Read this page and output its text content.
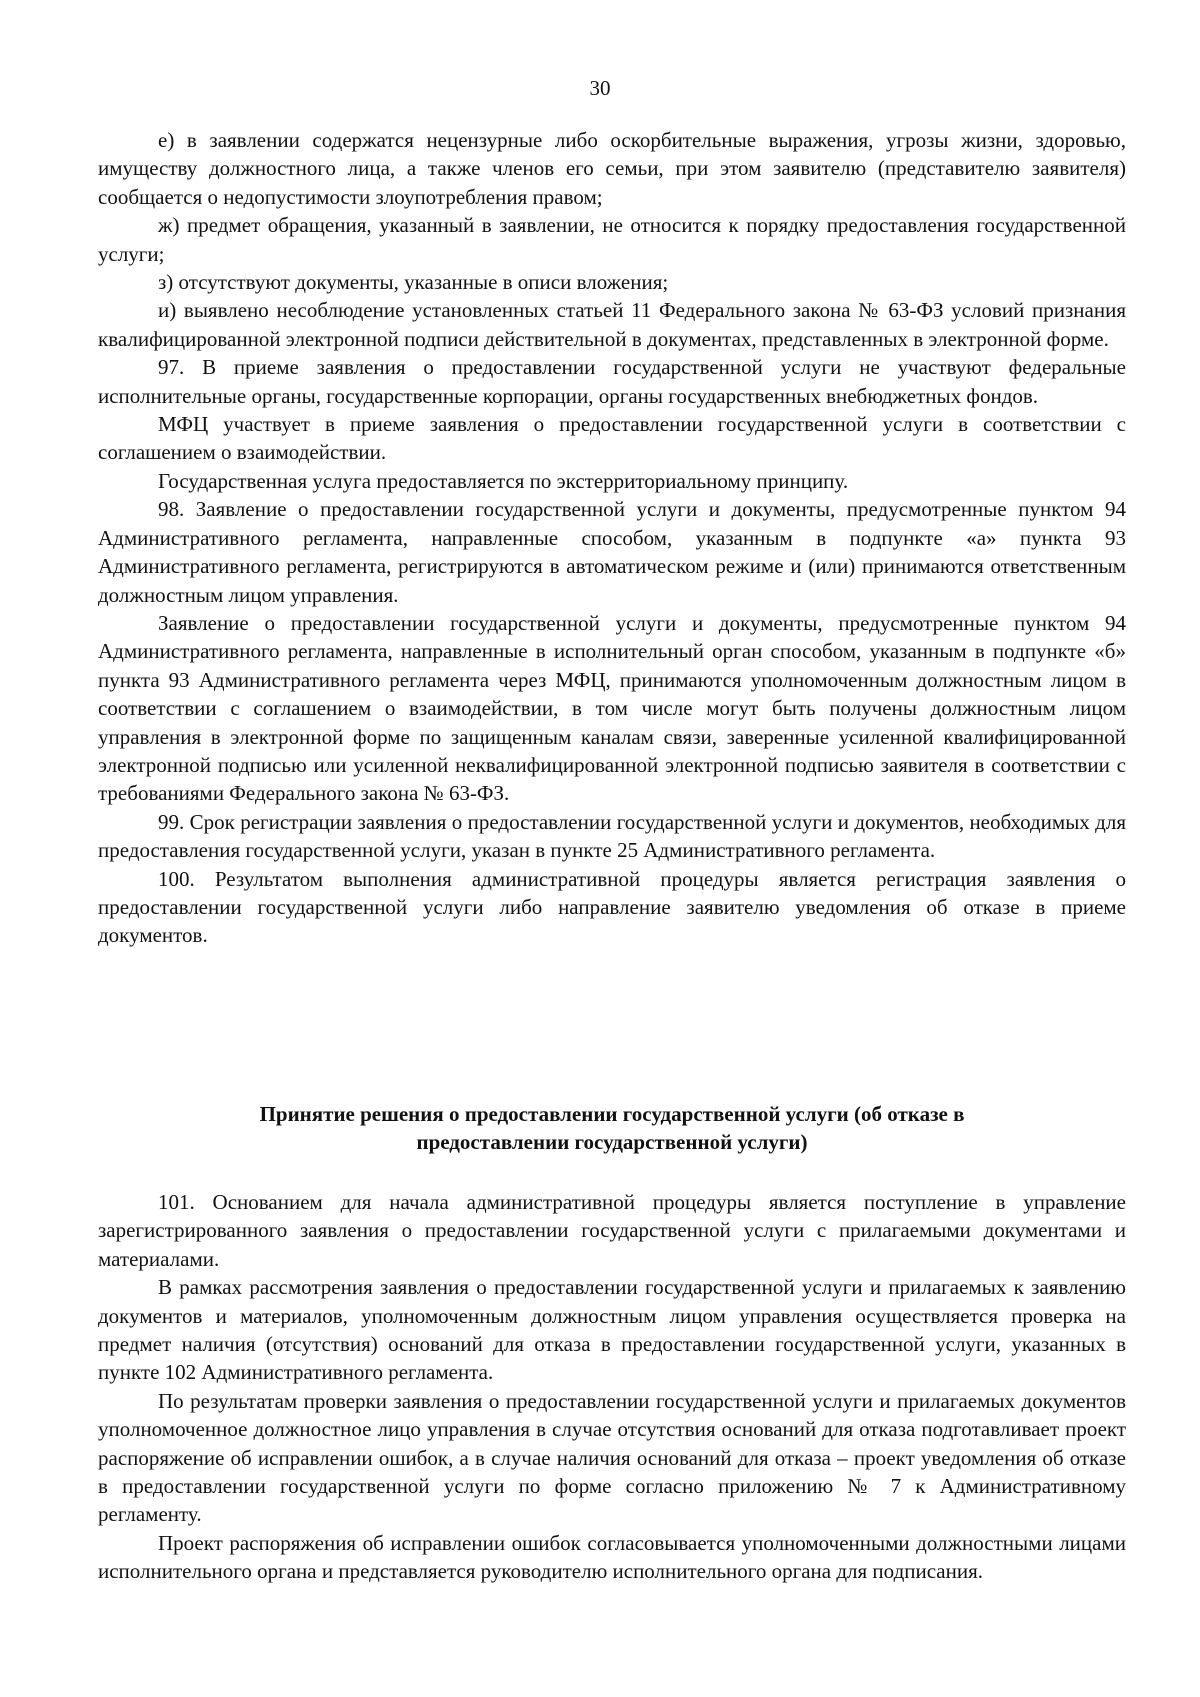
30

е) в заявлении содержатся нецензурные либо оскорбительные выражения, угрозы жизни, здоровью, имуществу должностного лица, а также членов его семьи, при этом заявителю (представителю заявителя) сообщается о недопустимости злоупотребления правом;

ж) предмет обращения, указанный в заявлении, не относится к порядку предоставления государственной услуги;

з) отсутствуют документы, указанные в описи вложения;

и) выявлено несоблюдение установленных статьей 11 Федерального закона № 63-ФЗ условий признания квалифицированной электронной подписи действительной в документах, представленных в электронной форме.

97. В приеме заявления о предоставлении государственной услуги не участвуют федеральные исполнительные органы, государственные корпорации, органы государственных внебюджетных фондов.

МФЦ участвует в приеме заявления о предоставлении государственной услуги в соответствии с соглашением о взаимодействии.

Государственная услуга предоставляется по экстерриториальному принципу.

98. Заявление о предоставлении государственной услуги и документы, предусмотренные пунктом 94 Административного регламента, направленные способом, указанным в подпункте «а» пункта 93 Административного регламента, регистрируются в автоматическом режиме и (или) принимаются ответственным должностным лицом управления.

Заявление о предоставлении государственной услуги и документы, предусмотренные пунктом 94 Административного регламента, направленные в исполнительный орган способом, указанным в подпункте «б» пункта 93 Административного регламента через МФЦ, принимаются уполномоченным должностным лицом в соответствии с соглашением о взаимодействии, в том числе могут быть получены должностным лицом управления в электронной форме по защищенным каналам связи, заверенные усиленной квалифицированной электронной подписью или усиленной неквалифицированной электронной подписью заявителя в соответствии с требованиями Федерального закона № 63-ФЗ.

99. Срок регистрации заявления о предоставлении государственной услуги и документов, необходимых для предоставления государственной услуги, указан в пункте 25 Административного регламента.

100. Результатом выполнения административной процедуры является регистрация заявления о предоставлении государственной услуги либо направление заявителю уведомления об отказе в приеме документов.

Принятие решения о предоставлении государственной услуги (об отказе в
предоставлении государственной услуги)

101. Основанием для начала административной процедуры является поступление в управление зарегистрированного заявления о предоставлении государственной услуги с прилагаемыми документами и материалами.

В рамках рассмотрения заявления о предоставлении государственной услуги и прилагаемых к заявлению документов и материалов, уполномоченным должностным лицом управления осуществляется проверка на предмет наличия (отсутствия) оснований для отказа в предоставлении государственной услуги, указанных в пункте 102 Административного регламента.

По результатам проверки заявления о предоставлении государственной услуги и прилагаемых документов уполномоченное должностное лицо управления в случае отсутствия оснований для отказа подготавливает проект распоряжение об исправлении ошибок, а в случае наличия оснований для отказа – проект уведомления об отказе в предоставлении государственной услуги по форме согласно приложению № 7 к Административному регламенту.

Проект распоряжения об исправлении ошибок согласовывается уполномоченными должностными лицами исполнительного органа и представляется руководителю исполнительного органа для подписания.
